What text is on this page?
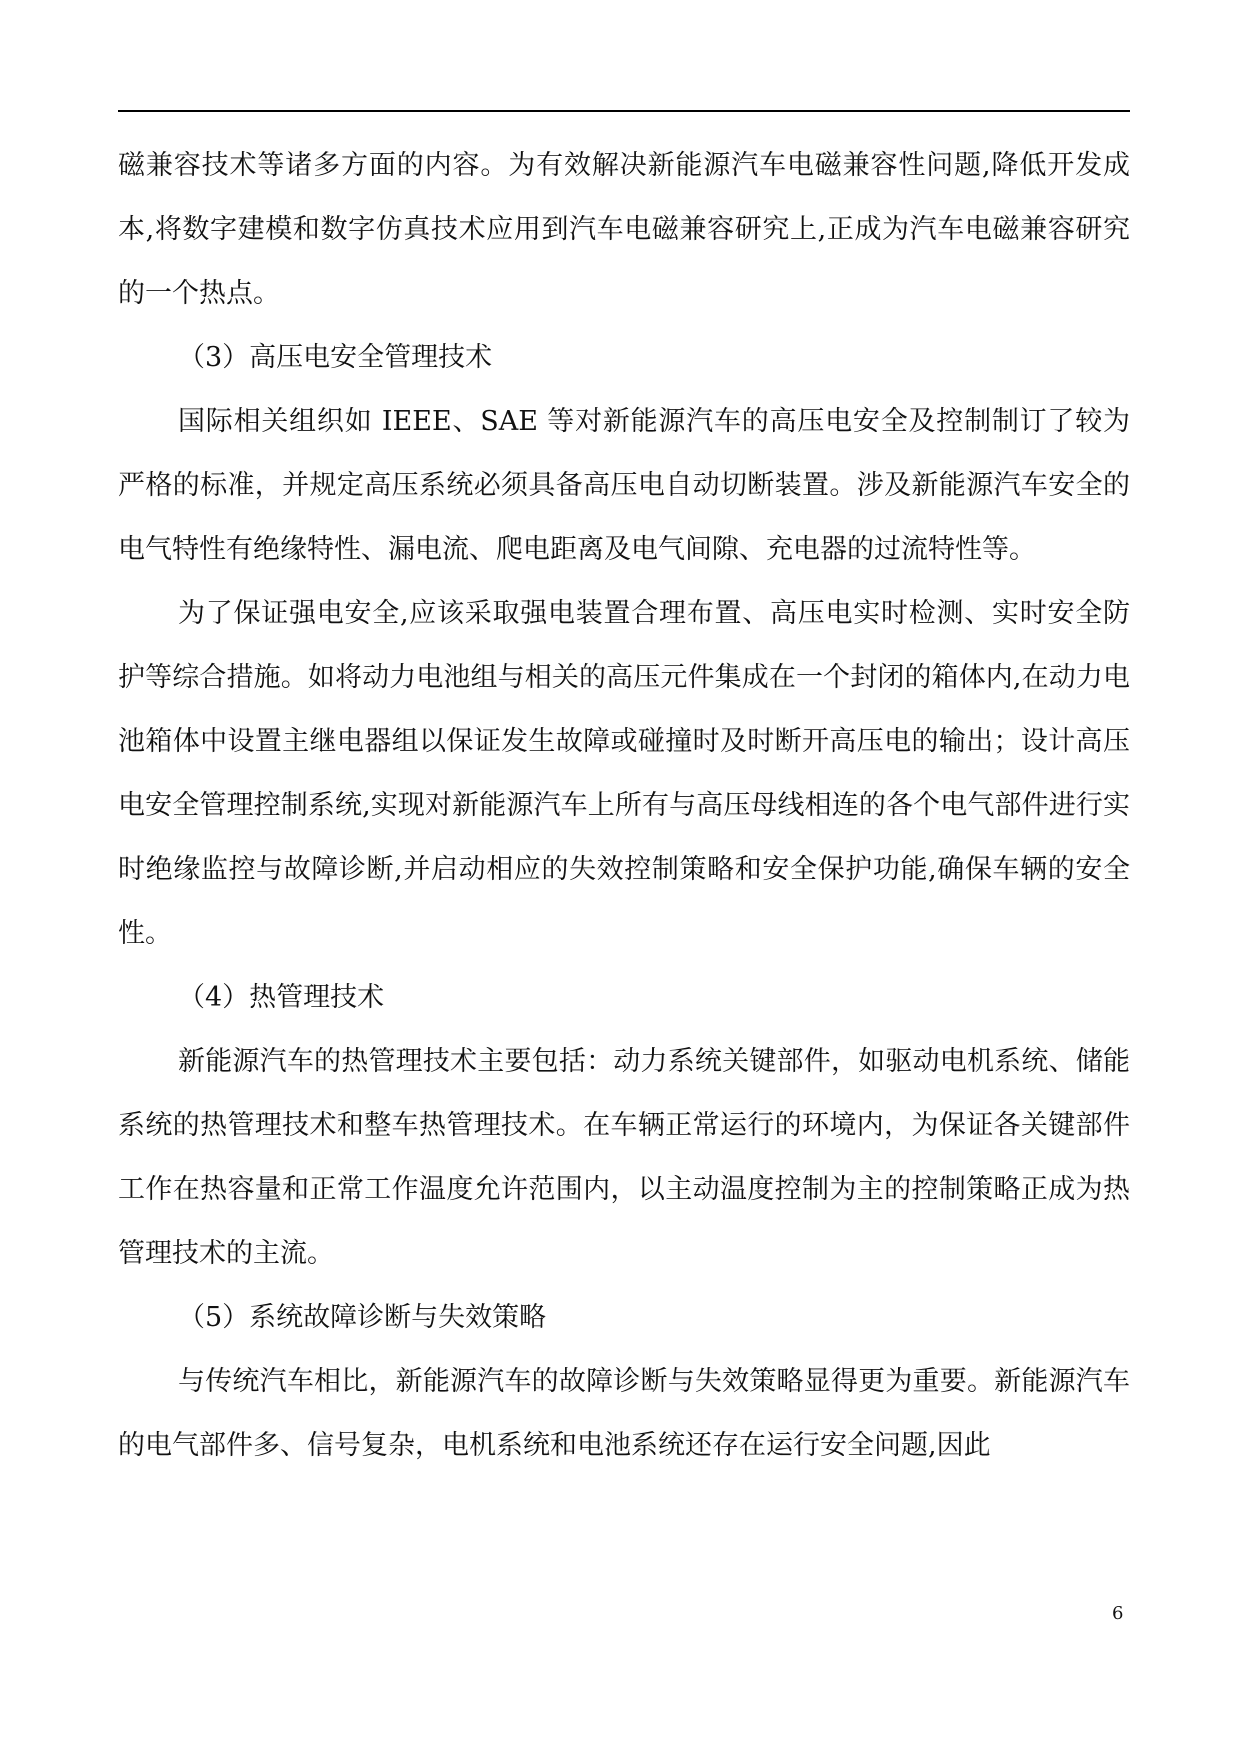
磁兼容技术等诸多方面的内容。为有效解决新能源汽车电磁兼容性问题,降低开发成本,将数字建模和数字仿真技术应用到汽车电磁兼容研究上,正成为汽车电磁兼容研究的一个热点。

（3）高压电安全管理技术

国际相关组织如 IEEE、SAE 等对新能源汽车的高压电安全及控制制订了较为严格的标准，并规定高压系统必须具备高压电自动切断装置。涉及新能源汽车安全的电气特性有绝缘特性、漏电流、爬电距离及电气间隙、充电器的过流特性等。

为了保证强电安全,应该采取强电装置合理布置、高压电实时检测、实时安全防护等综合措施。如将动力电池组与相关的高压元件集成在一个封闭的箱体内,在动力电池箱体中设置主继电器组以保证发生故障或碰撞时及时断开高压电的输出；设计高压电安全管理控制系统,实现对新能源汽车上所有与高压母线相连的各个电气部件进行实时绝缘监控与故障诊断,并启动相应的失效控制策略和安全保护功能,确保车辆的安全性。

（4）热管理技术

新能源汽车的热管理技术主要包括：动力系统关键部件，如驱动电机系统、储能系统的热管理技术和整车热管理技术。在车辆正常运行的环境内，为保证各关键部件工作在热容量和正常工作温度允许范围内，以主动温度控制为主的控制策略正成为热管理技术的主流。

（5）系统故障诊断与失效策略

与传统汽车相比，新能源汽车的故障诊断与失效策略显得更为重要。新能源汽车的电气部件多、信号复杂，电机系统和电池系统还存在运行安全问题,因此

6
